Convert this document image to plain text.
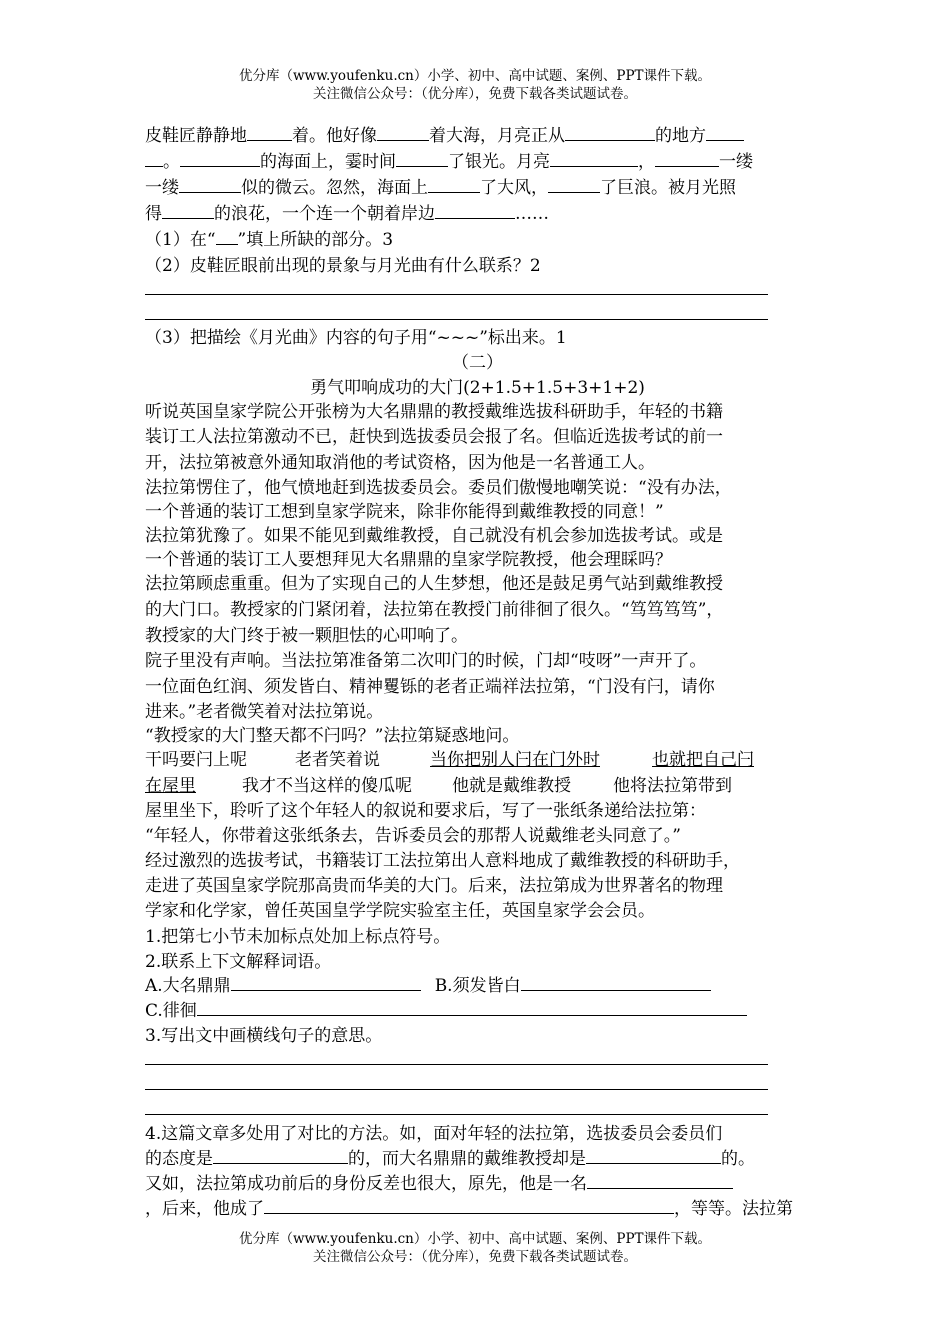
优分库（www.youfenku.cn）小学、初中、高中试题、案例、PPT课件下载。
关注微信公众号：（优分库），免费下载各类试题试卷。
皮鞋匠静静地	着。他好像	着大海，月亮正从	的地方
。	的海面上，霎时间	了银光。月亮	，	一缕
一缕	似的微云。忽然，海面上	了大风，	了巨浪。被月光照
得	的浪花，一个连一个朝着岸边	……
（1）在“ ”填上所缺的部分。3
（2）皮鞋匠眼前出现的景象与月光曲有什么联系？2
（3）把描绘《月光曲》内容的句子用“~~~”标出来。1
（二）
勇气叩响成功的大门(2+1.5+1.5+3+1+2)
听说英国皇家学院公开张榜为大名鼎鼎的教授戴维选拔科研助手，年轻的书籍
装订工人法拉第激动不已，赶快到选拔委员会报了名。但临近选拔考试的前一
开，法拉第被意外通知取消他的考试资格，因为他是一名普通工人。
法拉第愣住了，他气愤地赶到选拔委员会。委员们傲慢地嘲笑说：“没有办法，
一个普通的装订工想到皇家学院来，除非你能得到戴维教授的同意！”
法拉第犹豫了。如果不能见到戴维教授，自己就没有机会参加选拔考试。或是
一个普通的装订工人要想拜见大名鼎鼎的皇家学院教授，他会理睬吗？
法拉第顾虑重重。但为了实现自己的人生梦想，他还是鼓足勇气站到戴维教授
的大门口。教授家的门紧闭着，法拉第在教授门前徘徊了很久。“笃笃笃笃”，
教授家的大门终于被一颗胆怯的心叩响了。
院子里没有声响。当法拉第准备第二次叩门的时候，门却“吱呀”一声开了。
一位面色红润、须发皆白、精神矍铄的老者正端祥法拉第，“门没有闩，请你
进来。”老者微笑着对法拉第说。
“教授家的大门整天都不闩吗？”法拉第疑惑地问。
干吗要闩上呢	老者笑着说	当你把别人闩在门外时	也就把自己闩
在屋里	我才不当这样的傻瓜呢 他就是戴维教授 他将法拉第带到
屋里坐下，聆听了这个年轻人的叙说和要求后，写了一张纸条递给法拉第：
“年轻人，你带着这张纸条去，告诉委员会的那帮人说戴维老头同意了。”
经过激烈的选拔考试，书籍装订工法拉第出人意料地成了戴维教授的科研助手，
走进了英国皇家学院那高贵而华美的大门。后来，法拉第成为世界著名的物理
学家和化学家，曾任英国皇学学院实验室主任，英国皇家学会会员。
1.把第七小节未加标点处加上标点符号。
2.联系上下文解释词语。
A.大名鼎鼎	B.须发皆白
C.徘徊
3.写出文中画横线句子的意思。
4.这篇文章多处用了对比的方法。如，面对年轻的法拉第，选拔委员会委员们
的态度是	的，而大名鼎鼎的戴维教授却是	的。
又如，法拉第成功前后的身份反差也很大，原先，他是一名
，后来，他成了	，等等。法拉第
优分库（www.youfenku.cn）小学、初中、高中试题、案例、PPT课件下载。
关注微信公众号：（优分库），免费下载各类试题试卷。
